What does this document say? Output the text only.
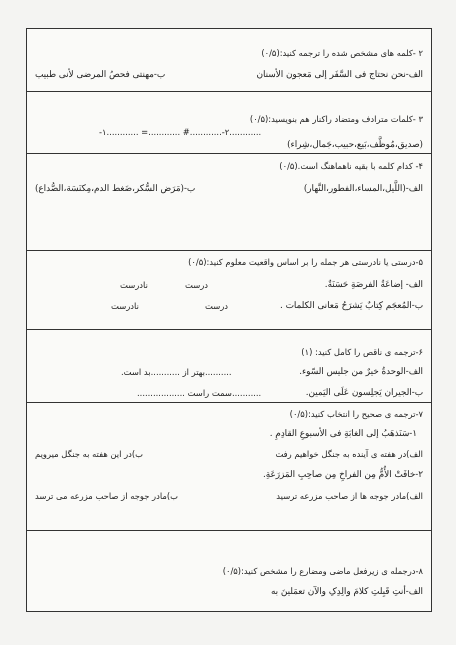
۲ -کلمه های مشخص شده را ترجمه کنید:(۰/۵)
الف-نحن نحتاج فی السَّفَر إلی مَعجون الأسنان
ب-مهنتی فحصُ المرضی لأنی طبیب
۳ -کلمات مترادف ومتضاد راکنار هم بنویسید:(۰/۵)
............۲-............# ............= ............۱-
(صدیق،مُوظَّف،بَیع،حبیب،جَمال،شِراء)
۴- کدام کلمه با بقیه ناهماهنگ است.(۰/۵)
الف-(اللَّیل،المساء،الفطور،النَّهار)
ب-(مَرَض السُّکر،ضَغط الدم،مِکنَسَة،الصُّداع)
۵-درستی یا نادرستی هر جمله را بر اساس واقعیت معلوم کنید:(۰/۵)
الف- إضاعَةُ الفرصَةِ حَسَنَةٌ.
درست
نادرست
ب-المُعجَم کِتابٌ یَشرَحُ مَعانی الکلمات .
درست
نادرست
۶-ترجمه ی ناقص را کامل کنید: (۱)
الف-الوحدةُ خیرٌ من جلیس السّوء.
..........بهتر از ...........بد است.
ب-الجیران یَجلِسون عَلَی الیَمین.
...........سمت راست ..................
۷-ترجمه ی صحیح را انتخاب کنید:(۰/۵)
۱-سَنَذهَبُ إلی الغابَةِ فی الأسبوعِ القادِمِ .
الف)در هفته ی آینده به جنگل خواهیم رفت
ب)در این هفته به جنگل میرویم
۲-خافَتْ الأُمُّ مِن الفراخِ مِن صاحِبِ المَزرَعَةِ.
الف)مادر جوجه ها از صاحب مزرعه ترسید
ب)مادر جوجه از صاحب مزرعه می ترسد
۸-درجمله ی زیرفعل ماضی ومضارع را مشخص کنید:(۰/۵)
الف-أنتِ قَبِلتِ کلامَ والِدِکِ والآن تعمَلینَ به
